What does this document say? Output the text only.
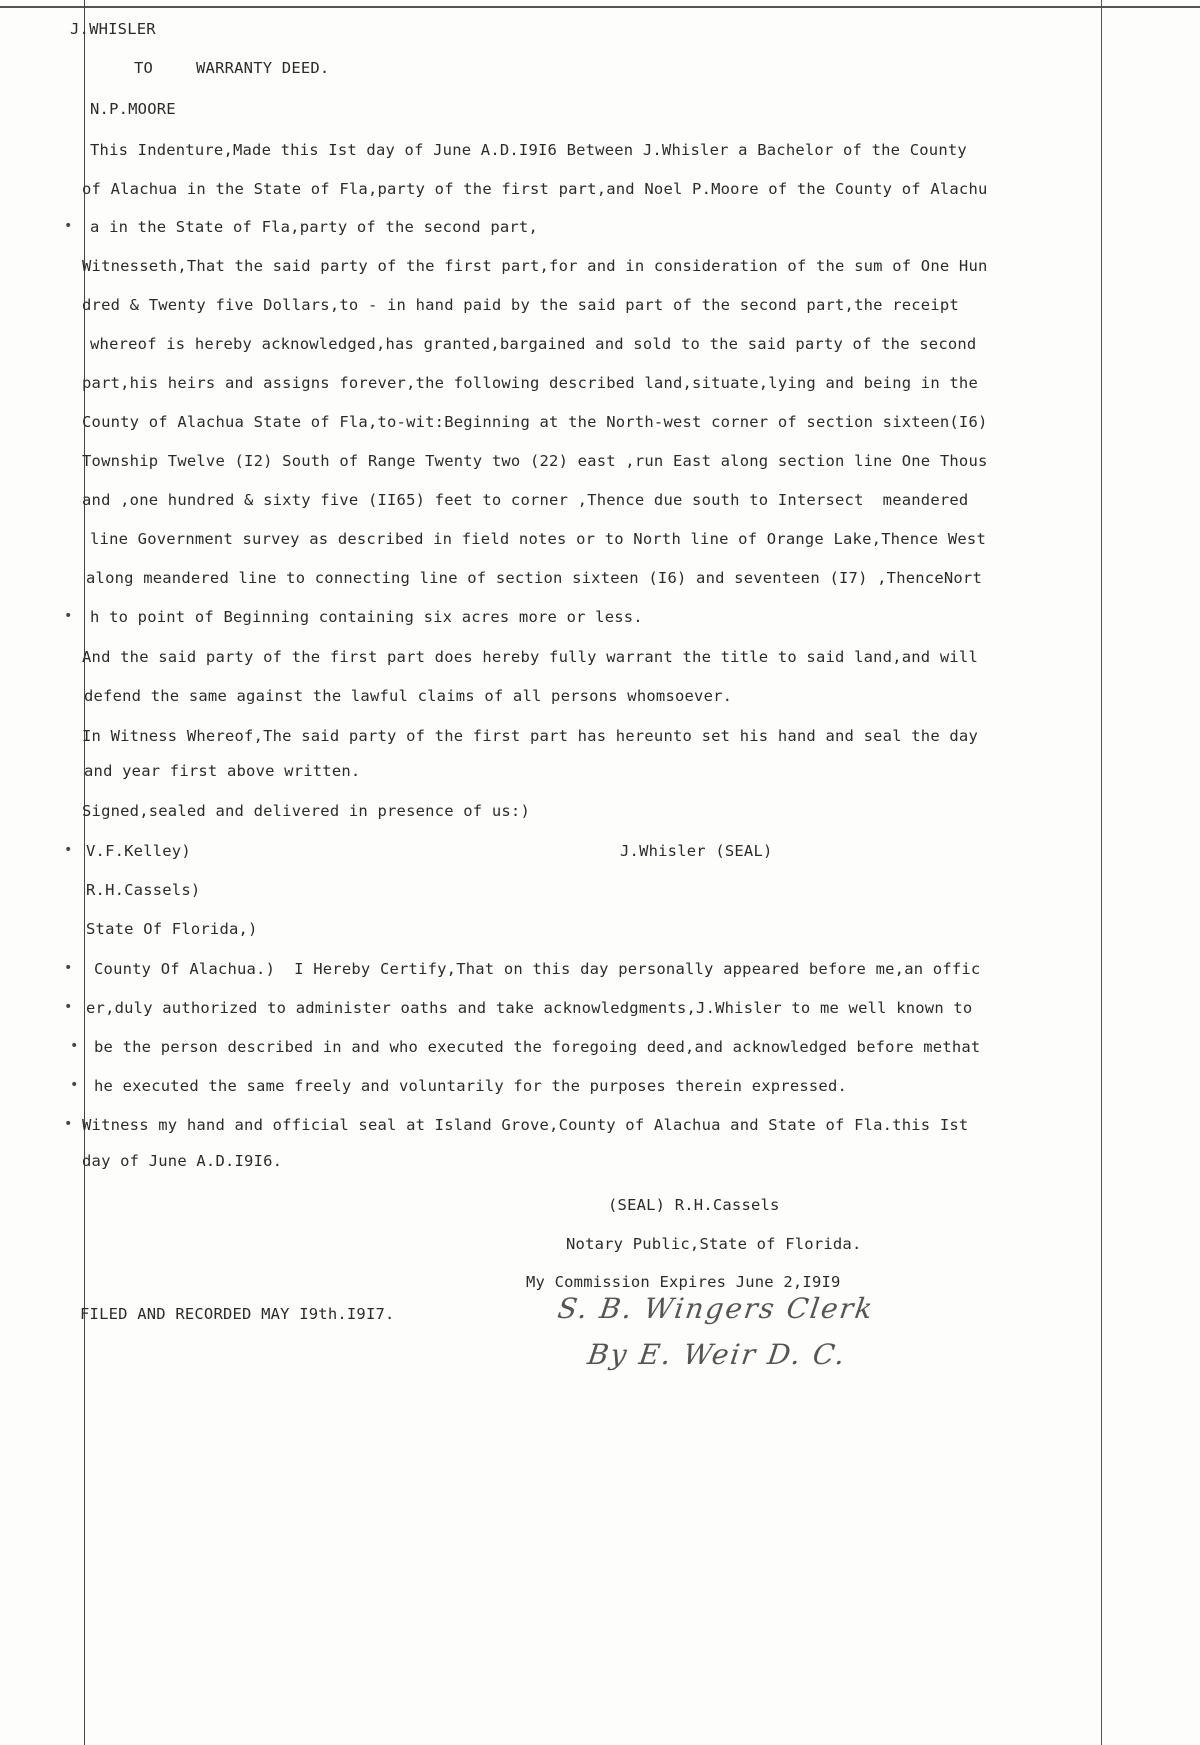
J.WHISLER

TO	WARRANTY DEED.

N.P.MOORE

This Indenture,Made this Ist day of June A.D.I9I6 Between J.Whisler a Bachelor of the County

of Alachua in the State of Fla,party of the first part,and Noel P.Moore of the County of Alachu

a in the State of Fla,party of the second part,

Witnesseth,That the said party of the first part,for and in consideration of the sum of One Hun

dred & Twenty five Dollars,to - in hand paid by the said part of the second part,the receipt

whereof is hereby acknowledged,has granted,bargained and sold to the said party of the second

part,his heirs and assigns forever,the following described land,situate,lying and being in the

County of Alachua State of Fla,to-wit:Beginning at the North-west corner of section sixteen(I6)

Township Twelve (I2) South of Range Twenty two (22) east ,run East along section line One Thous

and ,one hundred & sixty five (II65) feet to corner ,Thence due south to Intersect  meandered

line Government survey as described in field notes or to North line of Orange Lake,Thence West

along meandered line to connecting line of section sixteen (I6) and seventeen (I7) ,ThenceNort

h to point of Beginning containing six acres more or less.

And the said party of the first part does hereby fully warrant the title to said land,and will

defend the same against the lawful claims of all persons whomsoever.

In Witness Whereof,The said party of the first part has hereunto set his hand and seal the day

and year first above written.

Signed,sealed and delivered in presence of us:)

V.F.Kelley)	J.Whisler (SEAL)

R.H.Cassels)

State Of Florida,)

County Of Alachua.)  I Hereby Certify,That on this day personally appeared before me,an offic

er,duly authorized to administer oaths and take acknowledgments,J.Whisler to me well known to

be the person described in and who executed the foregoing deed,and acknowledged before methat

he executed the same freely and voluntarily for the purposes therein expressed.

Witness my hand and official seal at Island Grove,County of Alachua and State of Fla.this Ist

day of June A.D.I9I6.

(SEAL) R.H.Cassels

Notary Public,State of Florida.

My Commission Expires June 2,I9I9

FILED AND RECORDED MAY I9th.I9I7.	S. B. Wingers Clerk

By E. Weir D. C.

•
•
•
•
•
•
•
•
